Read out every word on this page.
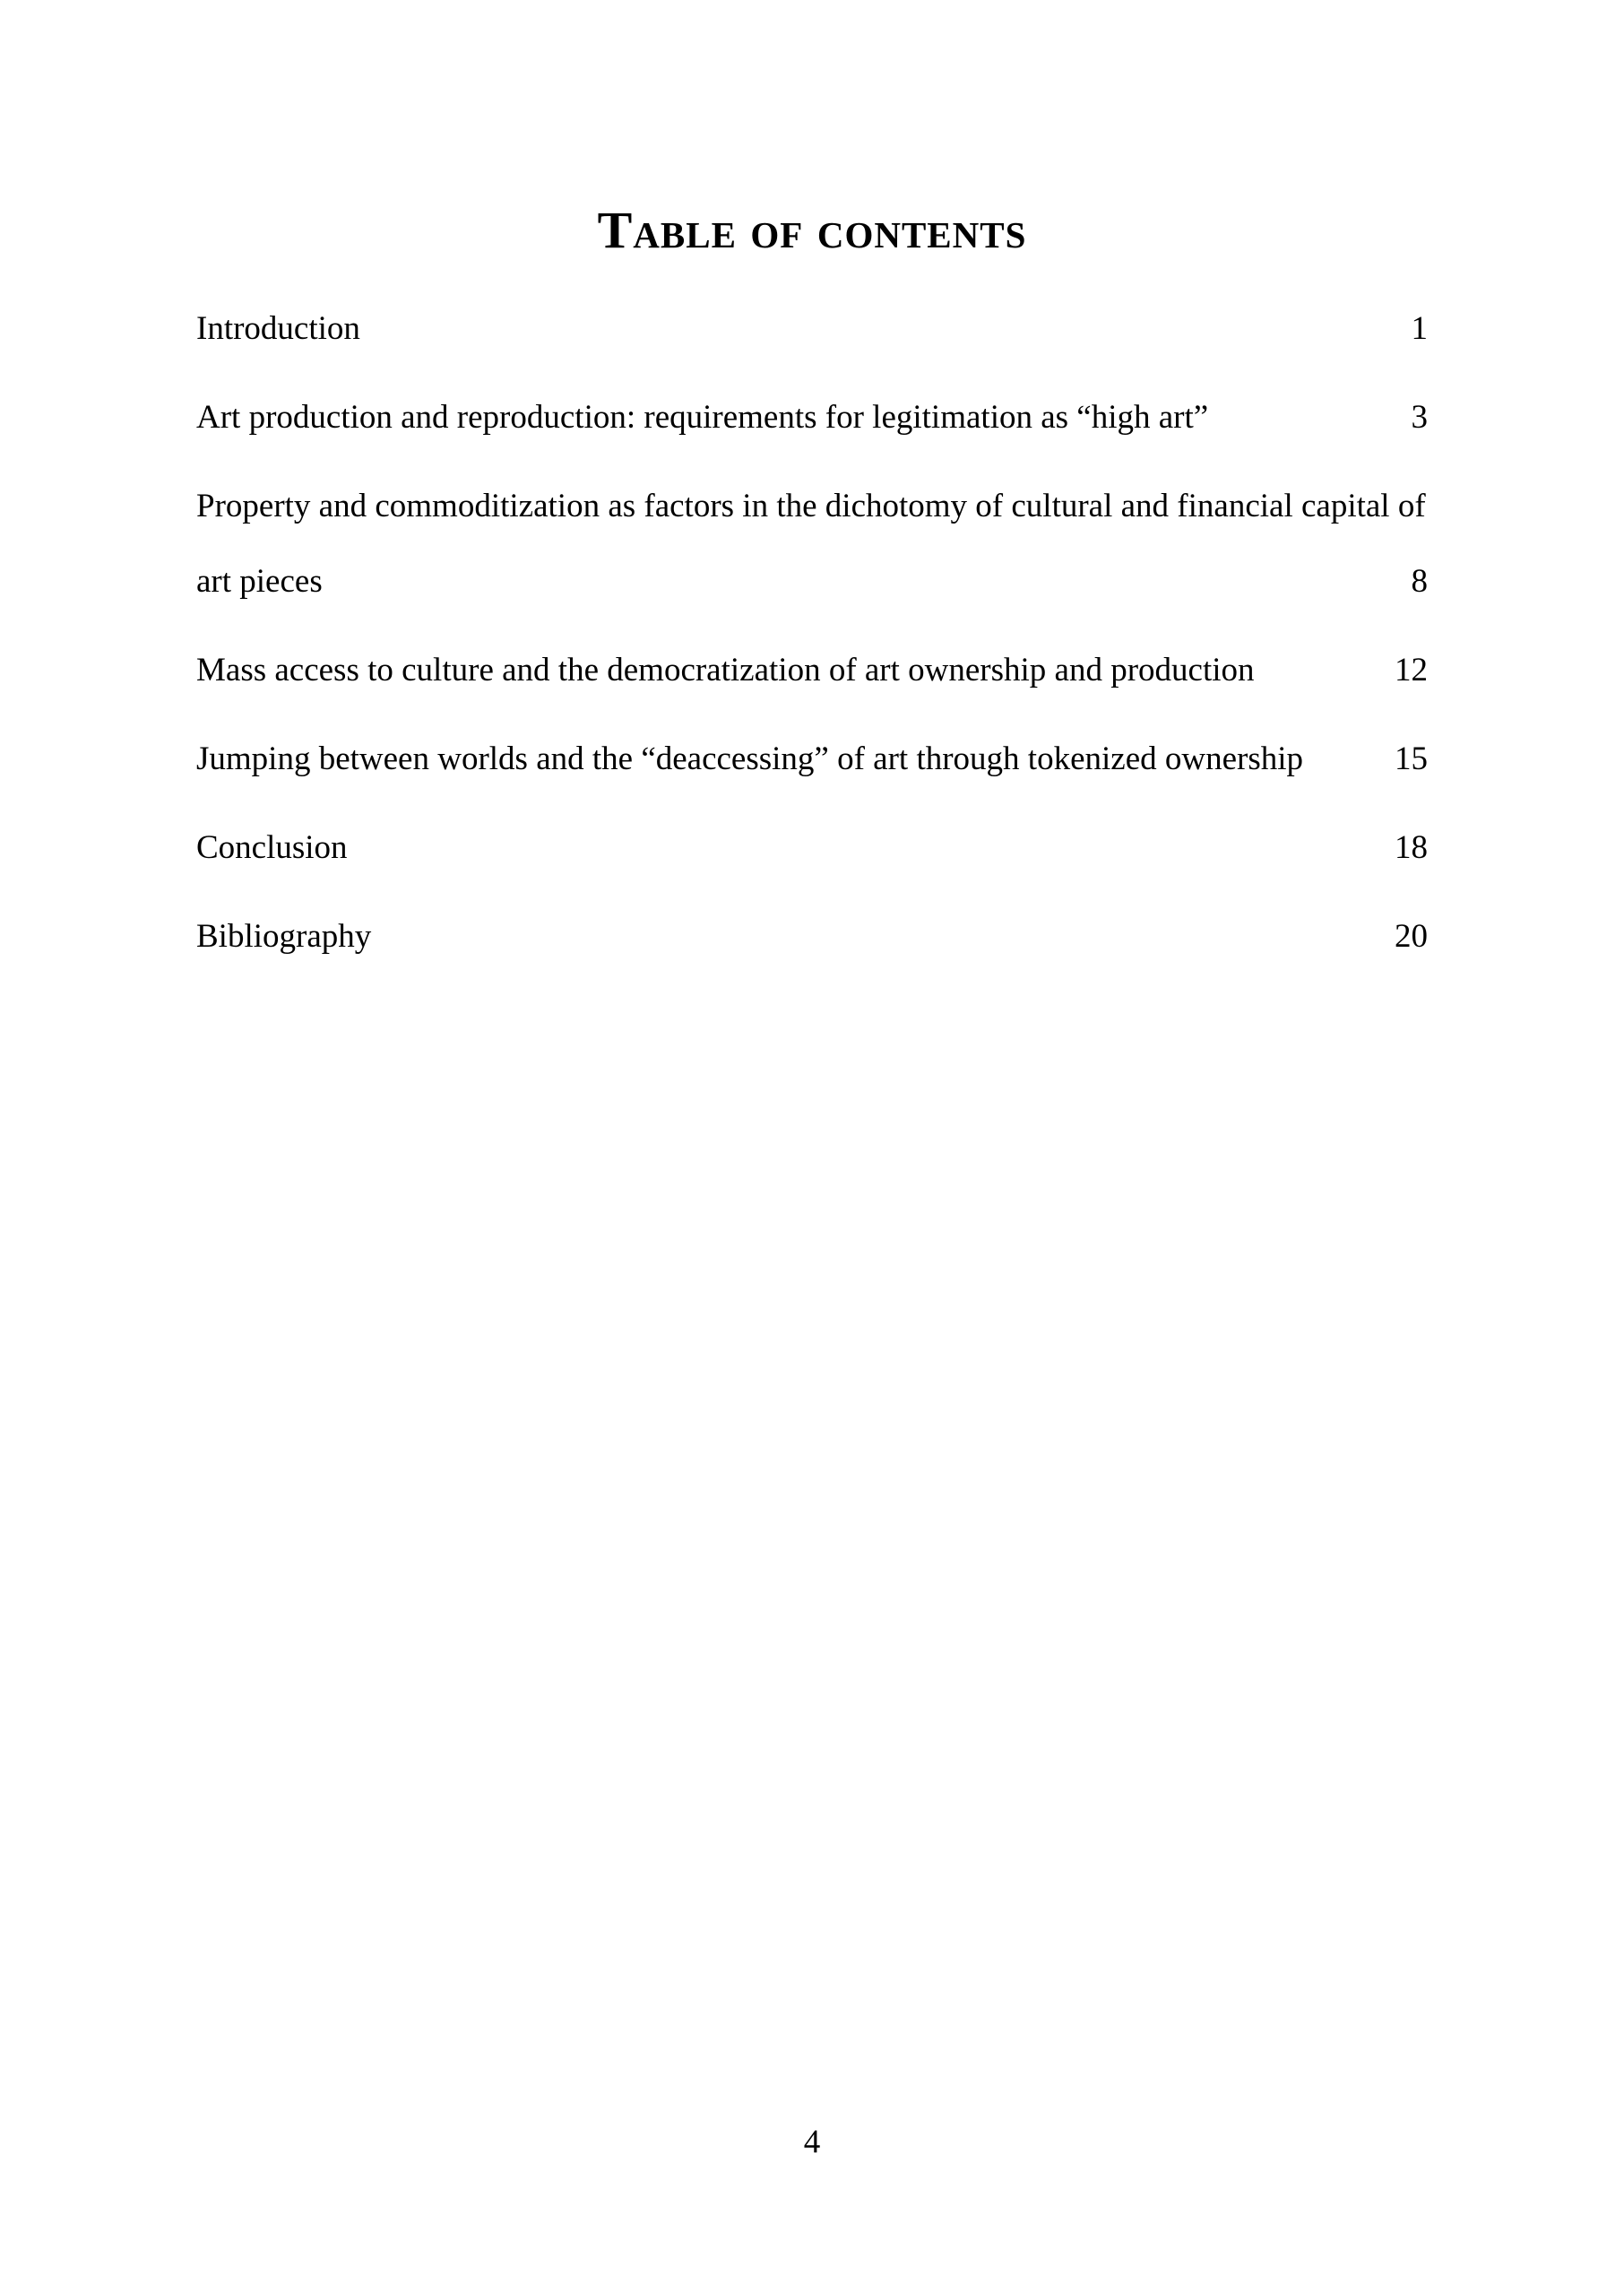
Table of contents
Introduction	1
Art production and reproduction: requirements for legitimation as “high art”	3
Property and commoditization as factors in the dichotomy of cultural and financial capital of art pieces	8
Mass access to culture and the democratization of art ownership and production	12
Jumping between worlds and the “deaccessing” of art through tokenized ownership	15
Conclusion	18
Bibliography	20
4
